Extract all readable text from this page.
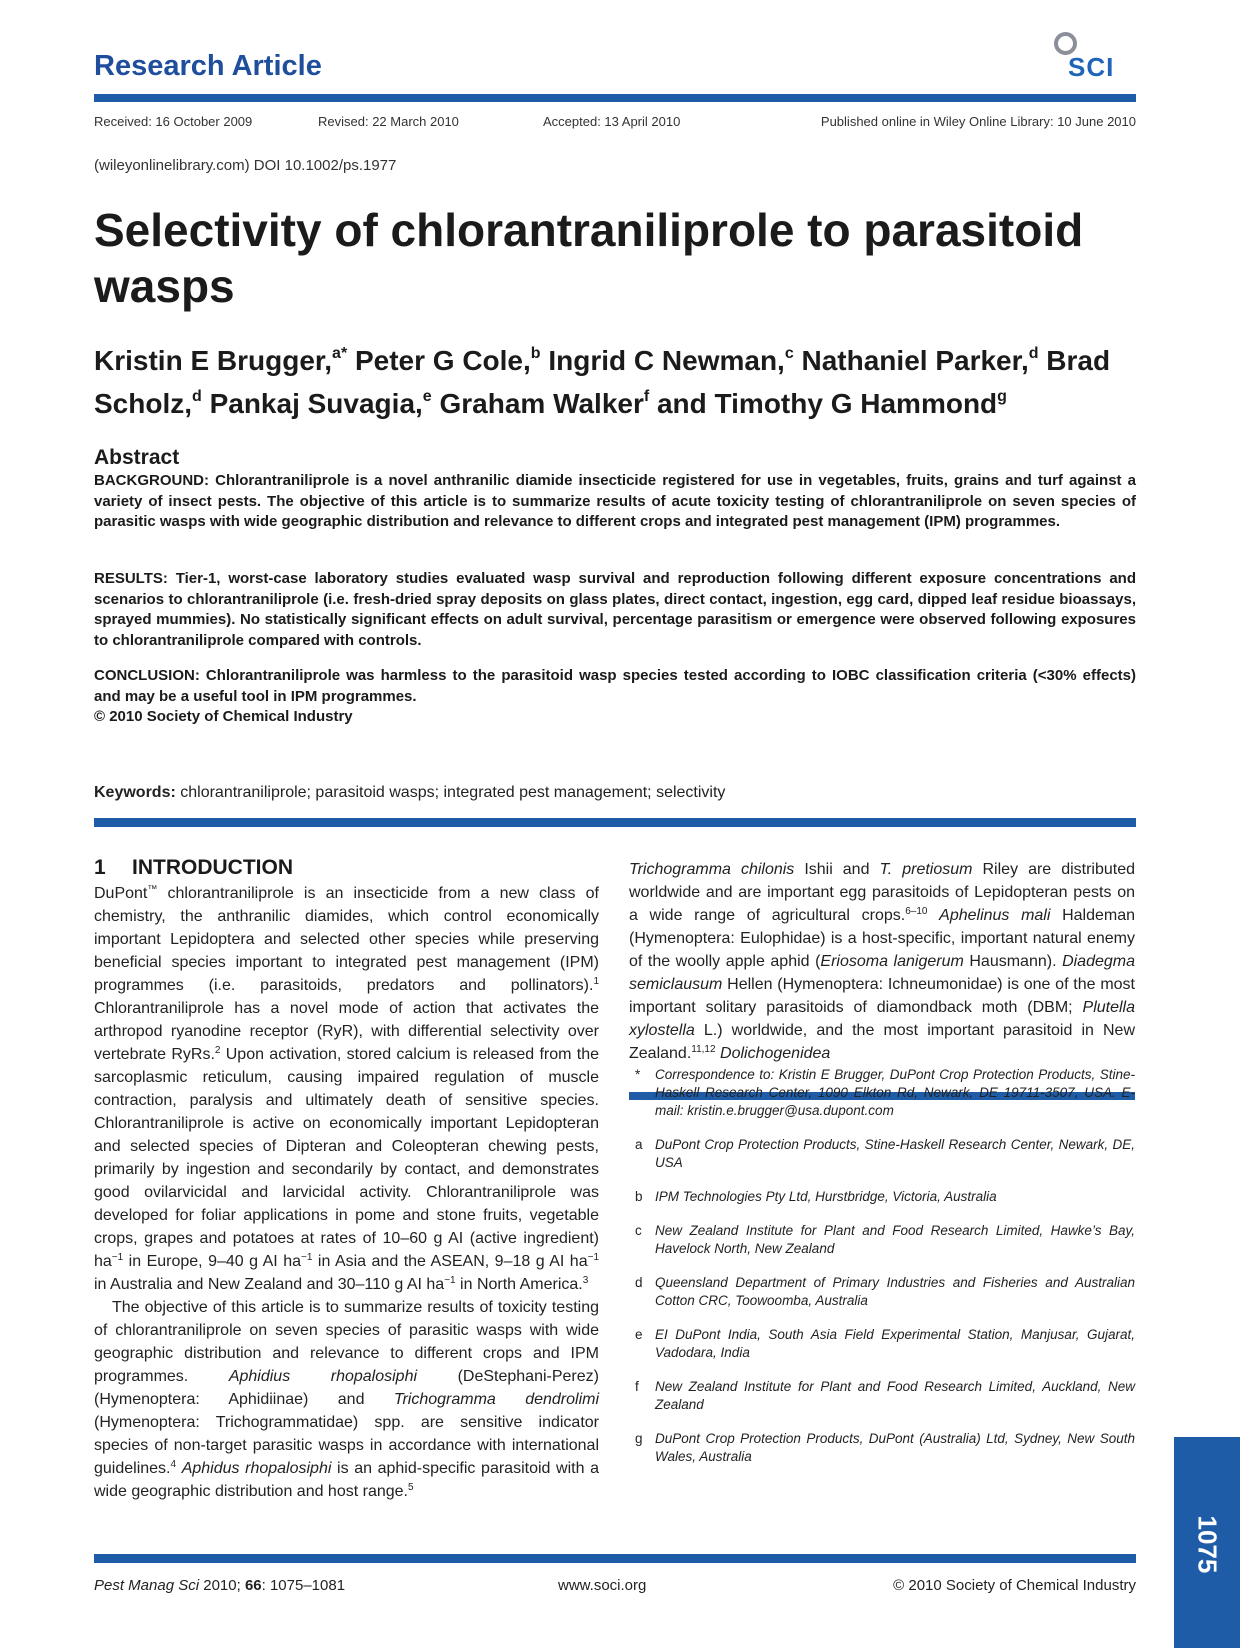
Research Article	SCI
Received: 16 October 2009	Revised: 22 March 2010	Accepted: 13 April 2010	Published online in Wiley Online Library: 10 June 2010
(wileyonlinelibrary.com) DOI 10.1002/ps.1977
Selectivity of chlorantraniliprole to parasitoid wasps
Kristin E Brugger,$^{a*}$ Peter G Cole,$^b$ Ingrid C Newman,$^c$ Nathaniel Parker,$^d$ Brad Scholz,$^d$ Pankaj Suvagia,$^e$ Graham Walker$^f$ and Timothy G Hammond$^g$
Abstract
BACKGROUND: Chlorantraniliprole is a novel anthranilic diamide insecticide registered for use in vegetables, fruits, grains and turf against a variety of insect pests. The objective of this article is to summarize results of acute toxicity testing of chlorantraniliprole on seven species of parasitic wasps with wide geographic distribution and relevance to different crops and integrated pest management (IPM) programmes.
RESULTS: Tier-1, worst-case laboratory studies evaluated wasp survival and reproduction following different exposure concentrations and scenarios to chlorantraniliprole (i.e. fresh-dried spray deposits on glass plates, direct contact, ingestion, egg card, dipped leaf residue bioassays, sprayed mummies). No statistically significant effects on adult survival, percentage parasitism or emergence were observed following exposures to chlorantraniliprole compared with controls.
CONCLUSION: Chlorantraniliprole was harmless to the parasitoid wasp species tested according to IOBC classification criteria (<30% effects) and may be a useful tool in IPM programmes.
© 2010 Society of Chemical Industry
Keywords: chlorantraniliprole; parasitoid wasps; integrated pest management; selectivity
1 INTRODUCTION
DuPont™ chlorantraniliprole is an insecticide from a new class of chemistry, the anthranilic diamides, which control economically important Lepidoptera and selected other species while preserving beneficial species important to integrated pest management (IPM) programmes (i.e. parasitoids, predators and pollinators).$^1$ Chlorantraniliprole has a novel mode of action that activates the arthropod ryanodine receptor (RyR), with differential selectivity over vertebrate RyRs.$^2$ Upon activation, stored calcium is released from the sarcoplasmic reticulum, causing impaired regulation of muscle contraction, paralysis and ultimately death of sensitive species. Chlorantraniliprole is active on economically important Lepidopteran and selected species of Dipteran and Coleopteran chewing pests, primarily by ingestion and secondarily by contact, and demonstrates good ovilarvicidal and larvicidal activity. Chlorantraniliprole was developed for foliar applications in pome and stone fruits, vegetable crops, grapes and potatoes at rates of 10–60 g AI (active ingredient) $ha^{-1}$ in Europe, 9–40 g AI $ha^{-1}$ in Asia and the ASEAN, 9–18 g AI $ha^{-1}$ in Australia and New Zealand and 30–110 g AI $ha^{-1}$ in North America.$^3$
The objective of this article is to summarize results of toxicity testing of chlorantraniliprole on seven species of parasitic wasps with wide geographic distribution and relevance to different crops and IPM programmes. Aphidius rhopalosiphi (DeStephani-Perez) (Hymenoptera: Aphidiinae) and Trichogramma dendrolimi (Hymenoptera: Trichogrammatidae) spp. are sensitive indicator species of non-target parasitic wasps in accordance with international guidelines.$^4$ Aphidus rhopalosiphi is an aphid-specific parasitoid with a wide geographic distribution and host range.$^5$
Trichogramma chilonis Ishii and T. pretiosum Riley are distributed worldwide and are important egg parasitoids of Lepidopteran pests on a wide range of agricultural crops.$^{6-10}$ Aphelinus mali Haldeman (Hymenoptera: Eulophidae) is a host-specific, important natural enemy of the woolly apple aphid (Eriosoma lanigerum Hausmann). Diadegma semiclausum Hellen (Hymenoptera: Ichneumonidae) is one of the most important solitary parasitoids of diamondback moth (DBM; Plutella xylostella L.) worldwide, and the most important parasitoid in New Zealand.$^{11,12}$ Dolichogenidea
* Correspondence to: Kristin E Brugger, DuPont Crop Protection Products, Stine-Haskell Research Center, 1090 Elkton Rd, Newark, DE 19711-3507, USA. E-mail: kristin.e.brugger@usa.dupont.com
a DuPont Crop Protection Products, Stine-Haskell Research Center, Newark, DE, USA
b IPM Technologies Pty Ltd, Hurstbridge, Victoria, Australia
c New Zealand Institute for Plant and Food Research Limited, Hawke’s Bay, Havelock North, New Zealand
d Queensland Department of Primary Industries and Fisheries and Australian Cotton CRC, Toowoomba, Australia
e EI DuPont India, South Asia Field Experimental Station, Manjusar, Gujarat, Vadodara, India
f New Zealand Institute for Plant and Food Research Limited, Auckland, New Zealand
g DuPont Crop Protection Products, DuPont (Australia) Ltd, Sydney, New South Wales, Australia
Pest Manag Sci 2010; 66: 1075–1081	www.soci.org	© 2010 Society of Chemical Industry
1075
